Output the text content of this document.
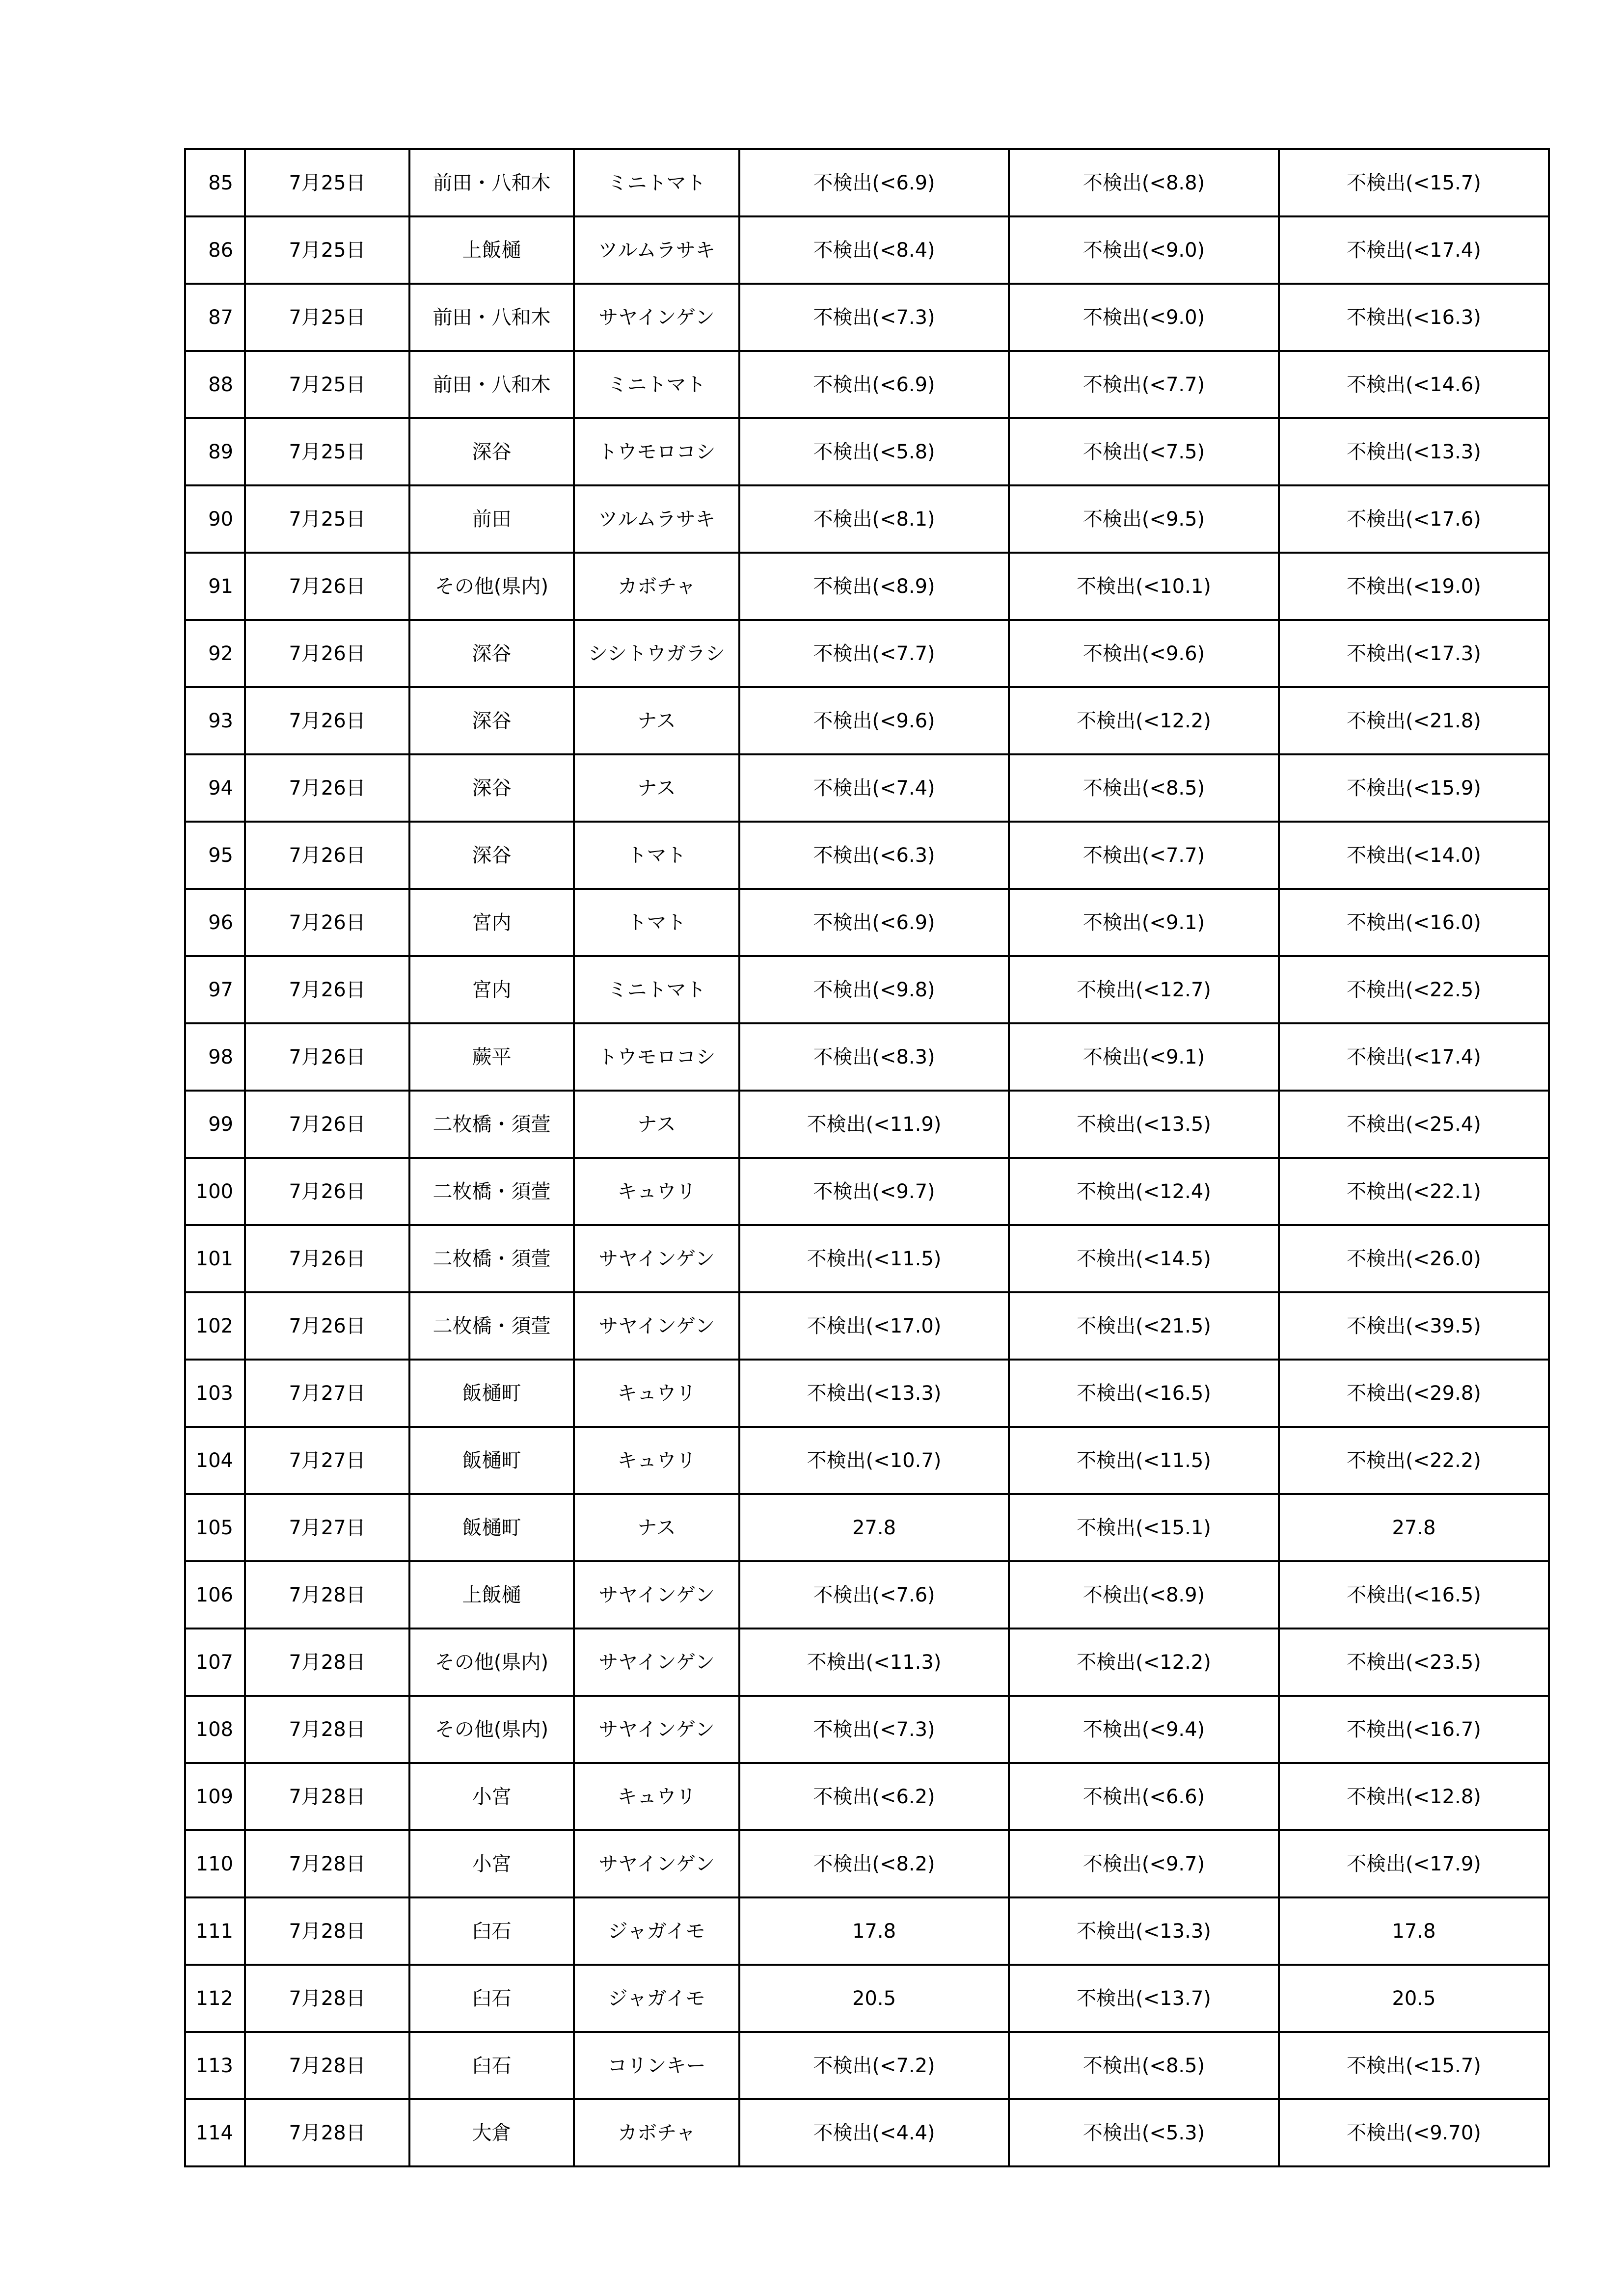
85	7月25日	前田・八和木	ミニトマト	不検出(<6.9)	不検出(<8.8)	不検出(<15.7)
86	7月25日	上飯樋	ツルムラサキ	不検出(<8.4)	不検出(<9.0)	不検出(<17.4)
87	7月25日	前田・八和木	サヤインゲン	不検出(<7.3)	不検出(<9.0)	不検出(<16.3)
88	7月25日	前田・八和木	ミニトマト	不検出(<6.9)	不検出(<7.7)	不検出(<14.6)
89	7月25日	深谷	トウモロコシ	不検出(<5.8)	不検出(<7.5)	不検出(<13.3)
90	7月25日	前田	ツルムラサキ	不検出(<8.1)	不検出(<9.5)	不検出(<17.6)
91	7月26日	その他(県内)	カボチャ	不検出(<8.9)	不検出(<10.1)	不検出(<19.0)
92	7月26日	深谷	シシトウガラシ	不検出(<7.7)	不検出(<9.6)	不検出(<17.3)
93	7月26日	深谷	ナス	不検出(<9.6)	不検出(<12.2)	不検出(<21.8)
94	7月26日	深谷	ナス	不検出(<7.4)	不検出(<8.5)	不検出(<15.9)
95	7月26日	深谷	トマト	不検出(<6.3)	不検出(<7.7)	不検出(<14.0)
96	7月26日	宮内	トマト	不検出(<6.9)	不検出(<9.1)	不検出(<16.0)
97	7月26日	宮内	ミニトマト	不検出(<9.8)	不検出(<12.7)	不検出(<22.5)
98	7月26日	蕨平	トウモロコシ	不検出(<8.3)	不検出(<9.1)	不検出(<17.4)
99	7月26日	二枚橋・須萱	ナス	不検出(<11.9)	不検出(<13.5)	不検出(<25.4)
100	7月26日	二枚橋・須萱	キュウリ	不検出(<9.7)	不検出(<12.4)	不検出(<22.1)
101	7月26日	二枚橋・須萱	サヤインゲン	不検出(<11.5)	不検出(<14.5)	不検出(<26.0)
102	7月26日	二枚橋・須萱	サヤインゲン	不検出(<17.0)	不検出(<21.5)	不検出(<39.5)
103	7月27日	飯樋町	キュウリ	不検出(<13.3)	不検出(<16.5)	不検出(<29.8)
104	7月27日	飯樋町	キュウリ	不検出(<10.7)	不検出(<11.5)	不検出(<22.2)
105	7月27日	飯樋町	ナス	27.8	不検出(<15.1)	27.8
106	7月28日	上飯樋	サヤインゲン	不検出(<7.6)	不検出(<8.9)	不検出(<16.5)
107	7月28日	その他(県内)	サヤインゲン	不検出(<11.3)	不検出(<12.2)	不検出(<23.5)
108	7月28日	その他(県内)	サヤインゲン	不検出(<7.3)	不検出(<9.4)	不検出(<16.7)
109	7月28日	小宮	キュウリ	不検出(<6.2)	不検出(<6.6)	不検出(<12.8)
110	7月28日	小宮	サヤインゲン	不検出(<8.2)	不検出(<9.7)	不検出(<17.9)
111	7月28日	臼石	ジャガイモ	17.8	不検出(<13.3)	17.8
112	7月28日	臼石	ジャガイモ	20.5	不検出(<13.7)	20.5
113	7月28日	臼石	コリンキー	不検出(<7.2)	不検出(<8.5)	不検出(<15.7)
114	7月28日	大倉	カボチャ	不検出(<4.4)	不検出(<5.3)	不検出(<9.70)
